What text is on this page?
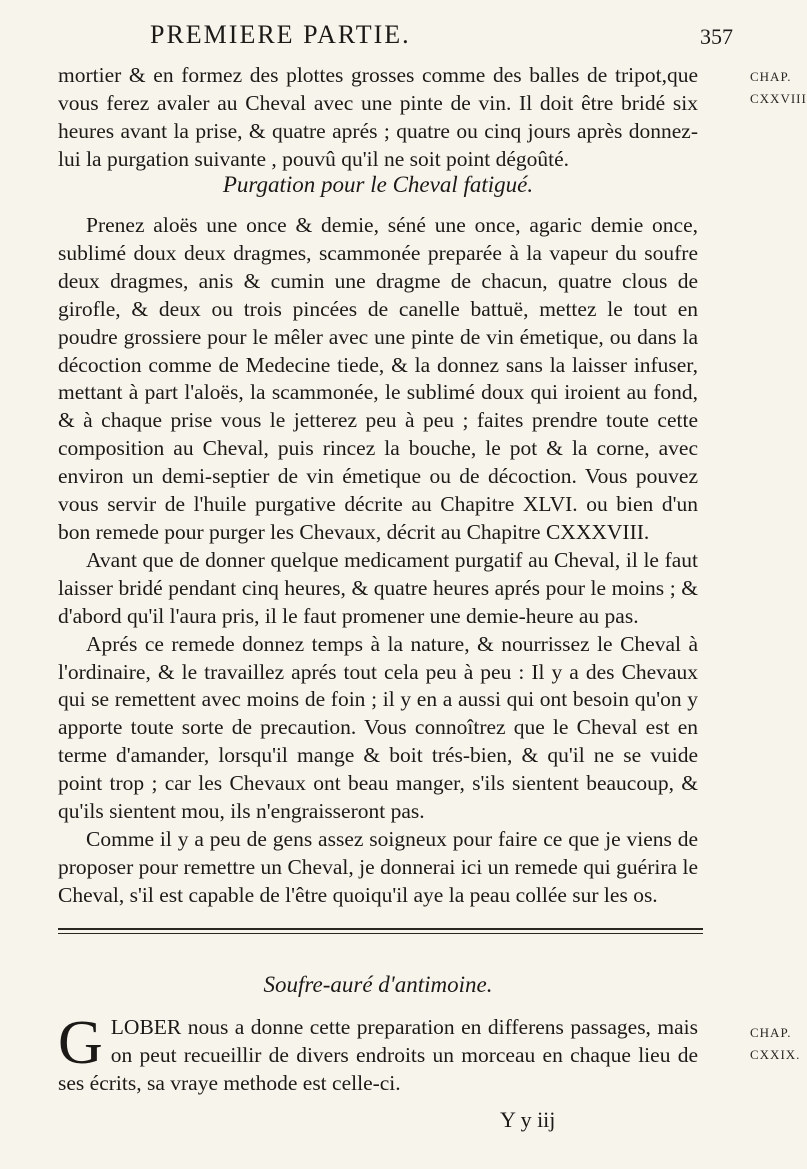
PREMIERE PARTIE.	357
CHAP.
CXXVIII

mortier & en formez des plottes grosses comme des balles de tripot,que vous ferez avaler au Cheval avec une pinte de vin. Il doit être bridé six heures avant la prise, & quatre aprés ; quatre ou cinq jours après donnez-lui la purgation suivante , pouvû qu'il ne soit point dégoûté.

Purgation pour le Cheval fatigué.

Prenez aloës une once & demie, séné une once, agaric demie once, sublimé doux deux dragmes, scammonée preparée à la vapeur du soufre deux dragmes, anis & cumin une dragme de chacun, quatre clous de girofle, & deux ou trois pincées de canelle battuë, mettez le tout en poudre grossiere pour le mêler avec une pinte de vin émetique, ou dans la décoction comme de Medecine tiede, & la donnez sans la laisser infuser, mettant à part l'aloës, la scammonée, le sublimé doux qui iroient au fond, & à chaque prise vous le jetterez peu à peu ; faites prendre toute cette composition au Cheval, puis rincez la bouche, le pot & la corne, avec environ un demi-septier de vin émetique ou de décoction. Vous pouvez vous servir de l'huile purgative décrite au Chapitre XLVI. ou bien d'un bon remede pour purger les Chevaux, décrit au Chapitre CXXXVIII.

Avant que de donner quelque medicament purgatif au Cheval, il le faut laisser bridé pendant cinq heures, & quatre heures aprés pour le moins ; & d'abord qu'il l'aura pris, il le faut promener une demie-heure au pas.

Aprés ce remede donnez temps à la nature, & nourrissez le Cheval à l'ordinaire, & le travaillez aprés tout cela peu à peu : Il y a des Chevaux qui se remettent avec moins de foin ; il y en a aussi qui ont besoin qu'on y apporte toute sorte de precaution. Vous connoîtrez que le Cheval est en terme d'amander, lorsqu'il mange & boit trés-bien, & qu'il ne se vuide point trop ; car les Chevaux ont beau manger, s'ils sientent beaucoup, & qu'ils sientent mou, ils n'engraisseront pas.

Comme il y a peu de gens assez soigneux pour faire ce que je viens de proposer pour remettre un Cheval, je donnerai ici un remede qui guérira le Cheval, s'il est capable de l'être quoiqu'il aye la peau collée sur les os.

Soufre-auré d'antimoine.

GLOBER nous a donne cette preparation en differens passages, mais on peut recueillir de divers endroits un morceau en chaque lieu de ses écrits, sa vraye methode est celle-ci.

CHAP.
CXXIX.
Y y iij
